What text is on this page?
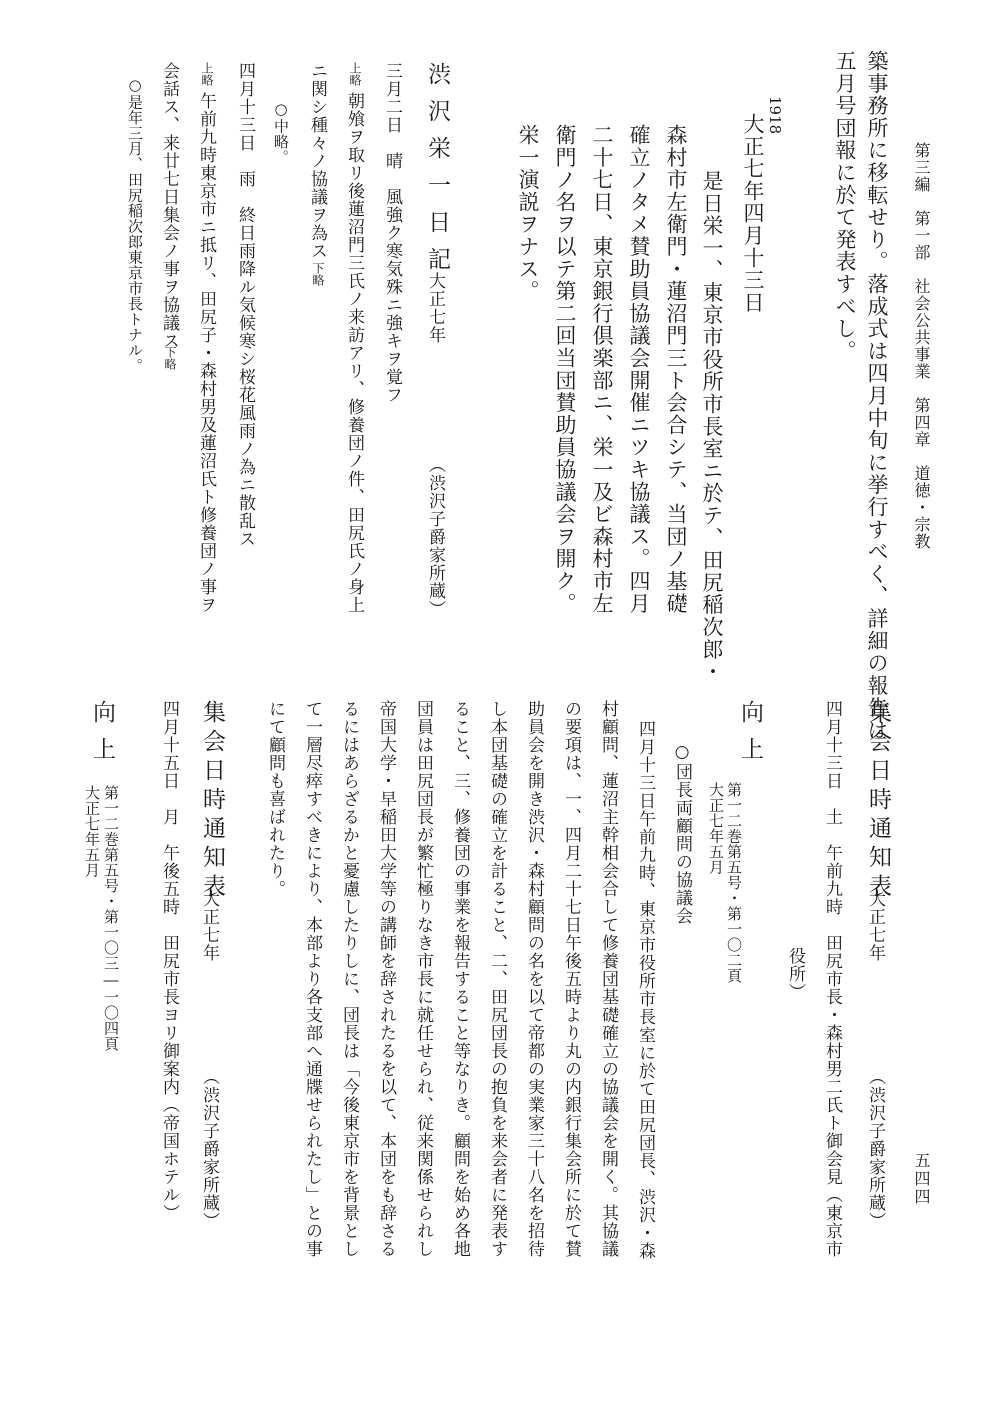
第三編　第一部　社会公共事業　第四章　道徳・宗教
五四四
築事務所に移転せり。落成式は四月中旬に挙行すべく、詳細の報告は
五月号団報に於て発表すべし。
1918
大正七年四月十三日
是日栄一、東京市役所市長室ニ於テ、田尻稲次郎・
森村市左衛門・蓮沼門三ト会合シテ、当団ノ基礎
確立ノタメ賛助員協議会開催ニツキ協議ス。四月
二十七日、東京銀行倶楽部ニ、栄一及ビ森村市左
衛門ノ名ヲ以テ第二回当団賛助員協議会ヲ開ク。
栄一演説ヲナス。
渋沢栄一日記
大正七年
（渋沢子爵家所蔵）
三月二日　晴　風強ク寒気殊ニ強キヲ覚フ
上略
朝飧ヲ取リ後蓮沼門三氏ノ来訪アリ、修養団ノ件、田尻氏ノ身上
ニ関シ種々ノ協議ヲ為ス
下略
○中略。
四月十三日　雨　終日雨降ル気候寒シ桜花風雨ノ為ニ散乱ス
上略
午前九時東京市ニ抵リ、田尻子・森村男及蓮沼氏ト修養団ノ事ヲ
会話ス、来廿七日集会ノ事ヲ協議ス
下略
○是年三月、田尻稲次郎東京市長トナル。
集会日時通知表
大正七年
（渋沢子爵家所蔵）
四月十三日　土　午前九時　田尻市長・森村男二氏ト御会見（東京市
役所）
向上
第一二巻第五号・第一〇二頁
大正七年五月
○団長両顧問の協議会
四月十三日午前九時、東京市役所市長室に於て田尻団長、渋沢・森
村顧問、蓮沼主幹相会合して修養団基礎確立の協議会を開く。其協議
の要項は、一、四月二十七日午後五時より丸の内銀行集会所に於て賛
助員会を開き渋沢・森村顧問の名を以て帝都の実業家三十八名を招待
し本団基礎の確立を計ること、二、田尻団長の抱負を来会者に発表す
ること、三、修養団の事業を報告すること等なりき。顧問を始め各地
団員は田尻団長が繁忙極りなき市長に就任せられ、従来関係せられし
帝国大学・早稲田大学等の講師を辞されたるを以て、本団をも辞さる
るにはあらざるかと憂慮したりしに、団長は「今後東京市を背景とし
て一層尽瘁すべきにより、本部より各支部へ通牒せられたし」との事
にて顧問も喜ばれたり。
集会日時通知表
大正七年
（渋沢子爵家所蔵）
四月十五日　月　午後五時　田尻市長ヨリ御案内（帝国ホテル）
向上
第一二巻第五号・第一〇三―一〇四頁
大正七年五月
